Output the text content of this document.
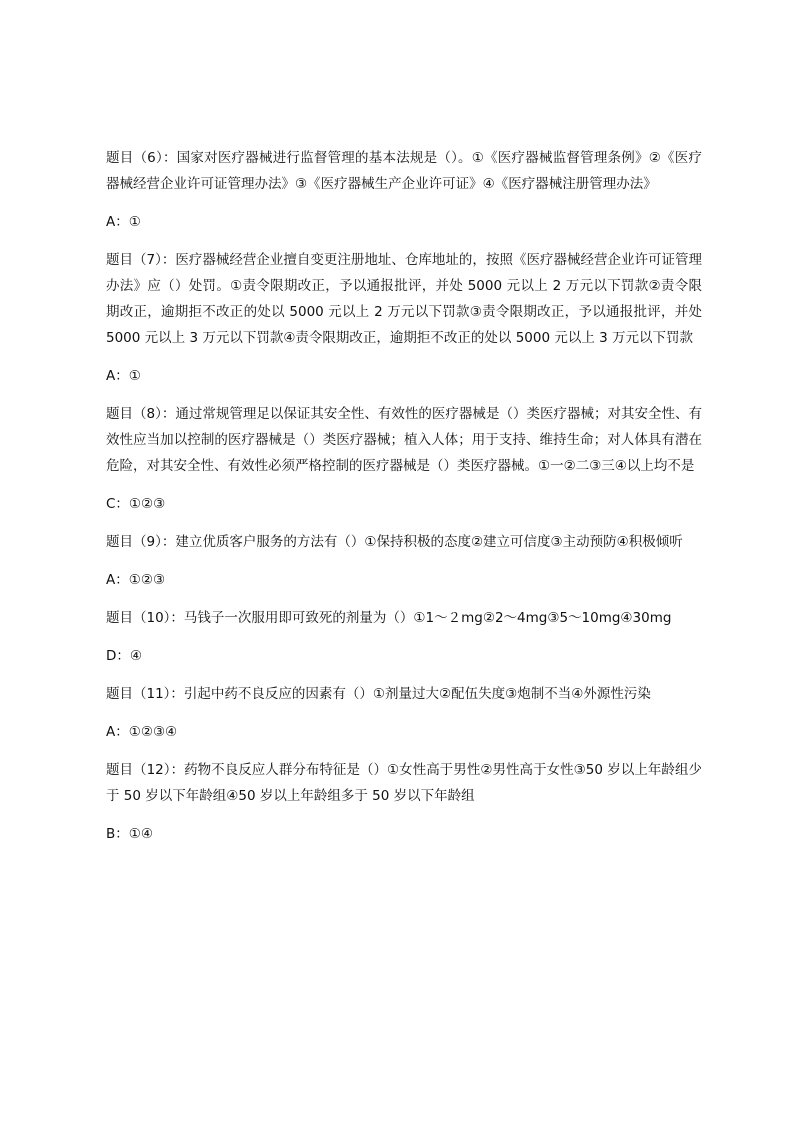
题目（6）：国家对医疗器械进行监督管理的基本法规是（）。①《医疗器械监督管理条例》②《医疗器械经营企业许可证管理办法》③《医疗器械生产企业许可证》④《医疗器械注册管理办法》

A：①

题目（7）：医疗器械经营企业擅自变更注册地址、仓库地址的，按照《医疗器械经营企业许可证管理办法》应（）处罚。①责令限期改正，予以通报批评，并处 5000 元以上 2 万元以下罚款②责令限期改正，逾期拒不改正的处以 5000 元以上 2 万元以下罚款③责令限期改正，予以通报批评，并处 5000 元以上 3 万元以下罚款④责令限期改正，逾期拒不改正的处以 5000 元以上 3 万元以下罚款

A：①

题目（8）：通过常规管理足以保证其安全性、有效性的医疗器械是（）类医疗器械；对其安全性、有效性应当加以控制的医疗器械是（）类医疗器械；植入人体；用于支持、维持生命；对人体具有潜在危险，对其安全性、有效性必须严格控制的医疗器械是（）类医疗器械。①一②二③三④以上均不是

C：①②③

题目（9）：建立优质客户服务的方法有（）①保持积极的态度②建立可信度③主动预防④积极倾听

A：①②③

题目（10）：马钱子一次服用即可致死的剂量为（）①1～２mg②2～4mg③5～10mg④30mg

D：④

题目（11）：引起中药不良反应的因素有（）①剂量过大②配伍失度③炮制不当④外源性污染

A：①②③④

题目（12）：药物不良反应人群分布特征是（）①女性高于男性②男性高于女性③50 岁以上年龄组少于 50 岁以下年龄组④50 岁以上年龄组多于 50 岁以下年龄组

B：①④
